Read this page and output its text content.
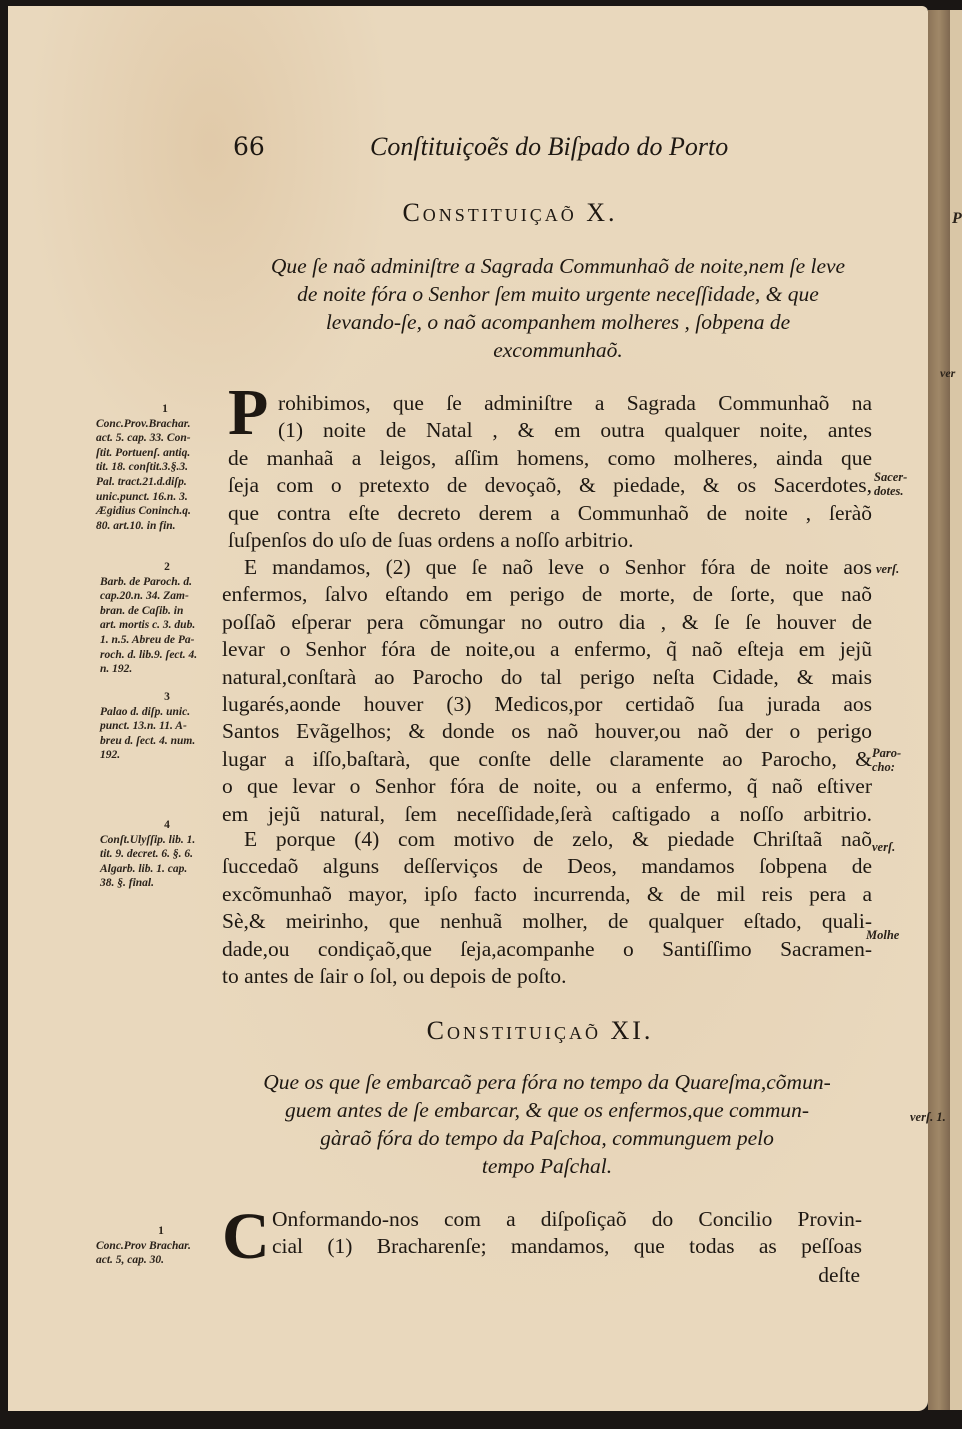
P
ver
66	Conſtituiçoẽs do Biſpado do Porto
Constituiçaõ X.
Que ſe naõ adminiſtre a Sagrada Communhaõ de noite,nem ſe leve
de noite fóra o Senhor ſem muito urgente neceſſidade, & que
levando-ſe, o naõ acompanhem molheres , ſobpena de
excommunhaõ.
P rohibimos, que ſe adminiſtre a Sagrada Communhaõ na
(1) noite de Natal , & em outra qualquer noite, antes
de manhaã a leigos, aſſim homens, como molheres, ainda que
ſeja com o pretexto de devoçaõ, & piedade, & os Sacerdotes,
que contra eſte decreto derem a Communhaõ de noite , ſeràõ
ſuſpenſos do uſo de ſuas ordens a noſſo arbitrio.
E mandamos, (2) que ſe naõ leve o Senhor fóra de noite aos
enfermos, ſalvo eſtando em perigo de morte, de ſorte, que naõ
poſſaõ eſperar pera cõmungar no outro dia , & ſe ſe houver de
levar o Senhor fóra de noite,ou a enfermo, q̃ naõ eſteja em jejũ
natural,conſtarà ao Parocho do tal perigo neſta Cidade, & mais
lugarés,aonde houver (3) Medicos,por certidaõ ſua jurada aos
Santos Evãgelhos; & donde os naõ houver,ou naõ der o perigo
lugar a iſſo,baſtarà, que conſte delle claramente ao Parocho, &
o que levar o Senhor fóra de noite, ou a enfermo, q̃ naõ eſtiver
em jejũ natural, ſem neceſſidade,ſerà caſtigado a noſſo arbitrio.
E porque (4) com motivo de zelo, & piedade Chriſtaã naõ
ſuccedaõ alguns deſſerviços de Deos, mandamos ſobpena de
excõmunhaõ mayor, ipſo facto incurrenda, & de mil reis pera a
Sè,& meirinho, que nenhuã molher, de qualquer eſtado, quali-
dade,ou condiçaõ,que ſeja,acompanhe o Santiſſimo Sacramen-
to antes de ſair o ſol, ou depois de poſto.
Constituiçaõ XI.
Que os que ſe embarcaõ pera fóra no tempo da Quareſma,cõmun-
guem antes de ſe embarcar, & que os enfermos,que commun-
gàraõ fóra do tempo da Paſchoa, communguem pelo
tempo Paſchal.
C Onformando-nos com a diſpoſiçaõ do Concilio Provin-
cial (1) Bracharenſe; mandamos, que todas as peſſoas
deſte
1
Conc.Prov.Brachar.
act. 5. cap. 33. Con-
ſtit. Portuenſ. antiq.
tit. 18. conſtit.3.§.3.
Pal. tract.21.d.diſp.
unic.punct. 16.n. 3.
Ægidius Coninch.q.
80. art.10. in fin.
2
Barb. de Paroch. d.
cap.20.n. 34. Zam-
bran. de Caſib. in
art. mortis c. 3. dub.
1. n.5. Abreu de Pa-
roch. d. lib.9. ſect. 4.
n. 192.
3
Palao d. diſp. unic.
punct. 13.n. 11. A-
breu d. ſect. 4. num.
192.
4
Conſt.Ulyſſip. lib. 1.
tit. 9. decret. 6. §. 6.
Algarb. lib. 1. cap.
38. §. final.
1
Conc.Prov Brachar.
act. 5, cap. 30.
Sacer-
dotes.
verſ.
Paro-
cho:
verſ.
Molhe
verſ. 1.
